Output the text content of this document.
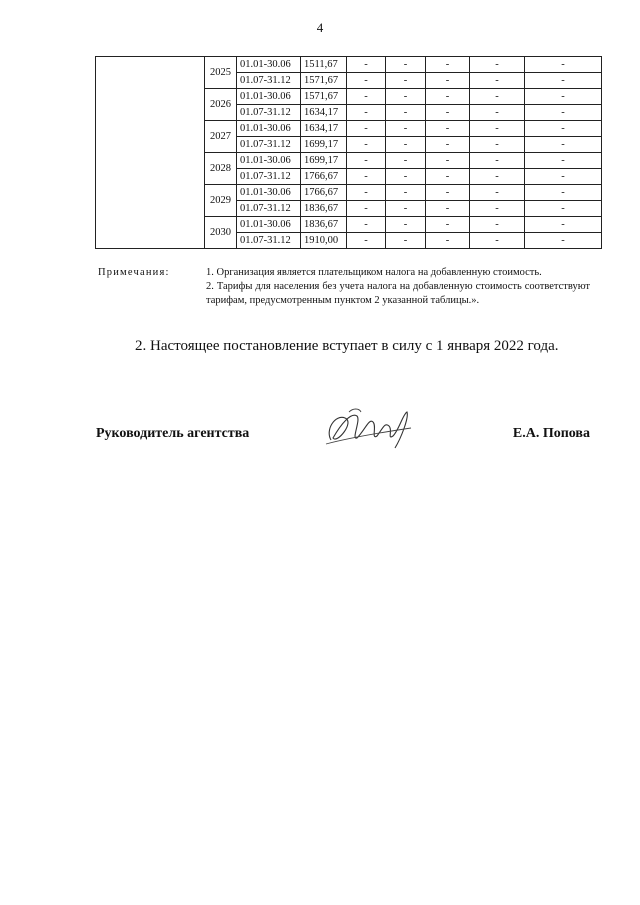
4
	2025	01.01-30.06	1511,67	-	-	-	-	-
		01.07-31.12	1571,67	-	-	-	-	-
	2026	01.01-30.06	1571,67	-	-	-	-	-
		01.07-31.12	1634,17	-	-	-	-	-
	2027	01.01-30.06	1634,17	-	-	-	-	-
		01.07-31.12	1699,17	-	-	-	-	-
	2028	01.01-30.06	1699,17	-	-	-	-	-
		01.07-31.12	1766,67	-	-	-	-	-
	2029	01.01-30.06	1766,67	-	-	-	-	-
		01.07-31.12	1836,67	-	-	-	-	-
	2030	01.01-30.06	1836,67	-	-	-	-	-
		01.07-31.12	1910,00	-	-	-	-	-
Примечания:	1. Организация является плательщиком налога на добавленную стоимость.

2. Тарифы для населения без учета налога на добавленную стоимость соответствуют тарифам, предусмотренным пунктом 2 указанной таблицы.».

2. Настоящее постановление вступает в силу с 1 января 2022 года.
Руководитель агентства	Е.А. Попова
